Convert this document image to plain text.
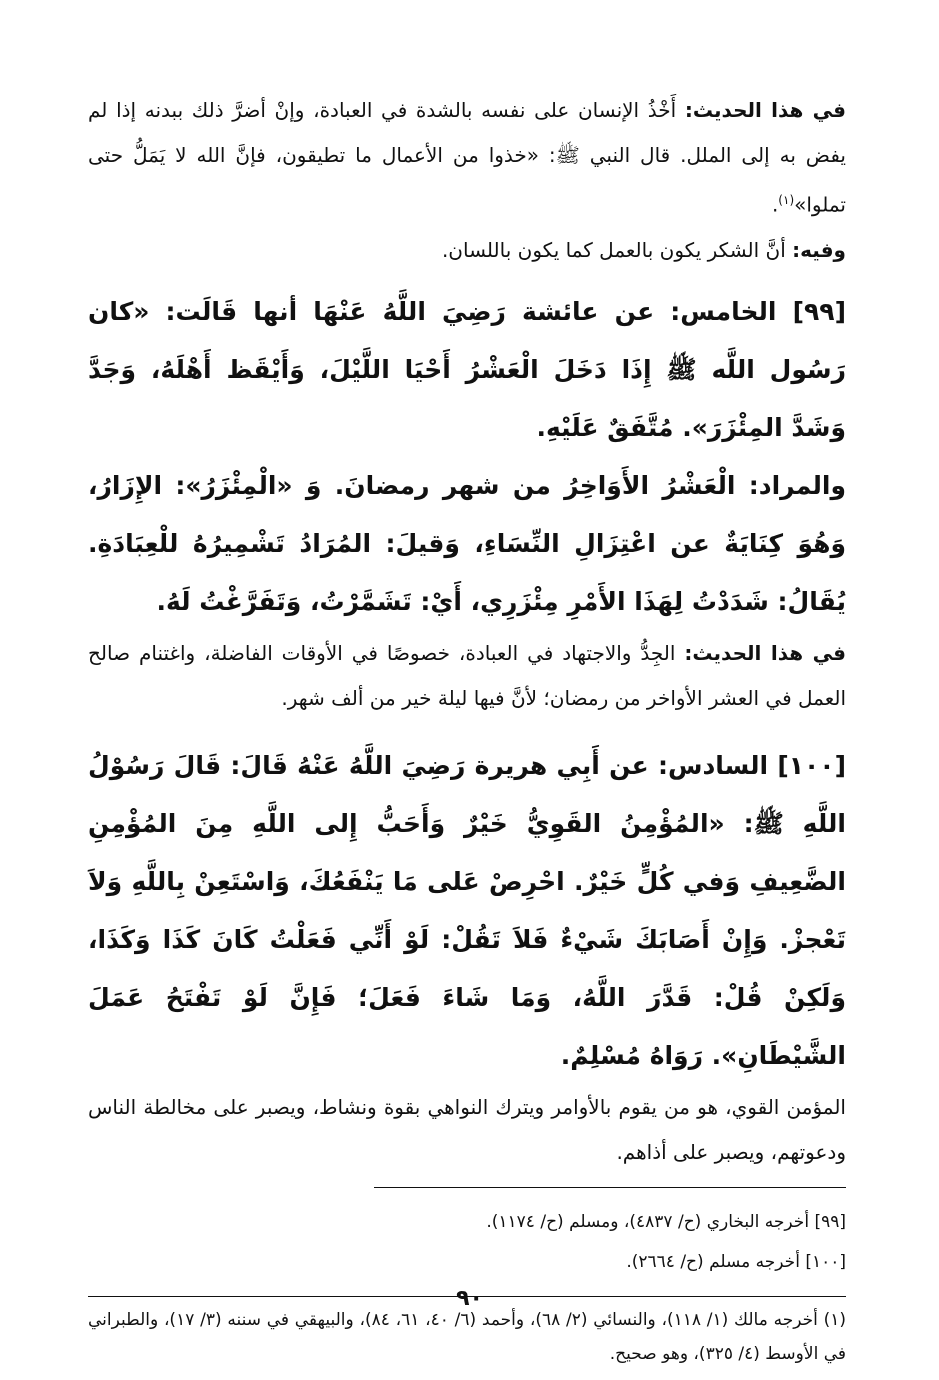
في هذا الحديث: أَخْذُ الإنسان على نفسه بالشدة في العبادة، وإنْ أضرَّ ذلك ببدنه إذا لم يفض به إلى الملل. قال النبي ﷺ: «خذوا من الأعمال ما تطيقون، فإنَّ الله لا يَمَلُّ حتى تملوا»$^{(١)}$.

وفيه: أنَّ الشكر يكون بالعمل كما يكون باللسان.

[٩٩] الخامس: عن عائشة رَضِيَ اللَّهُ عَنْهَا أنها قَالَت: «كان رَسُول اللَّه ﷺ إِذَا دَخَلَ الْعَشْرُ أَحْيَا اللَّيْلَ، وَأَيْقَظ أَهْلَهُ، وَجَدَّ وَشَدَّ المِئْزَرَ». مُتَّفَقٌ عَلَيْهِ.

والمراد: الْعَشْرُ الأَوَاخِرُ من شهر رمضانَ. وَ «الْمِئْزَرُ»: الإِزَارُ، وَهُوَ كِنَايَةٌ عن اعْتِزَالِ النِّسَاءِ، وَقيلَ: المُرَادُ تَشْمِيرُهُ للْعِبَادَةِ. يُقَالُ: شَدَدْتُ لِهَذَا الأَمْرِ مِئْزَرِي، أَيْ: تَشَمَّرْتُ، وَتَفَرَّغْتُ لَهُ.

في هذا الحديث: الجِدُّ والاجتهاد في العبادة، خصوصًا في الأوقات الفاضلة، واغتنام صالح العمل في العشر الأواخر من رمضان؛ لأنَّ فيها ليلة خير من ألف شهر.

[١٠٠] السادس: عن أَبِي هريرة رَضِيَ اللَّهُ عَنْهُ قَالَ: قَالَ رَسُوْلُ اللَّهِ ﷺ: «المُؤْمِنُ القَوِيُّ خَيْرٌ وَأَحَبُّ إِلى اللَّهِ مِنَ المُؤْمِنِ الضَّعِيفِ وَفي كُلٍّ خَيْرٌ. احْرِصْ عَلى مَا يَنْفَعُكَ، وَاسْتَعِنْ بِاللَّهِ وَلاَ تَعْجزْ. وَإِنْ أَصَابَكَ شَيْءٌ فَلاَ تَقُلْ: لَوْ أَنِّي فَعَلْتُ كَانَ كَذَا وَكَذَا، وَلَكِنْ قُلْ: قَدَّرَ اللَّهُ، وَمَا شَاءَ فَعَلَ؛ فَإِنَّ لَوْ تَفْتَحُ عَمَلَ الشَّيْطَانِ». رَوَاهُ مُسْلِمٌ.

المؤمن القوي، هو من يقوم بالأوامر ويترك النواهي بقوة ونشاط، ويصبر على مخالطة الناس ودعوتهم، ويصبر على أذاهم.

[٩٩] أخرجه البخاري (ح/ ٤٨٣٧)، ومسلم (ح/ ١١٧٤).
[١٠٠] أخرجه مسلم (ح/ ٢٦٦٤).
(١) أخرجه مالك (١/ ١١٨)، والنسائي (٢/ ٦٨)، وأحمد (٦/ ٤٠، ٦١، ٨٤)، والبيهقي في سننه (٣/ ١٧)، والطبراني في الأوسط (٤/ ٣٢٥)، وهو صحيح.
٩٠
